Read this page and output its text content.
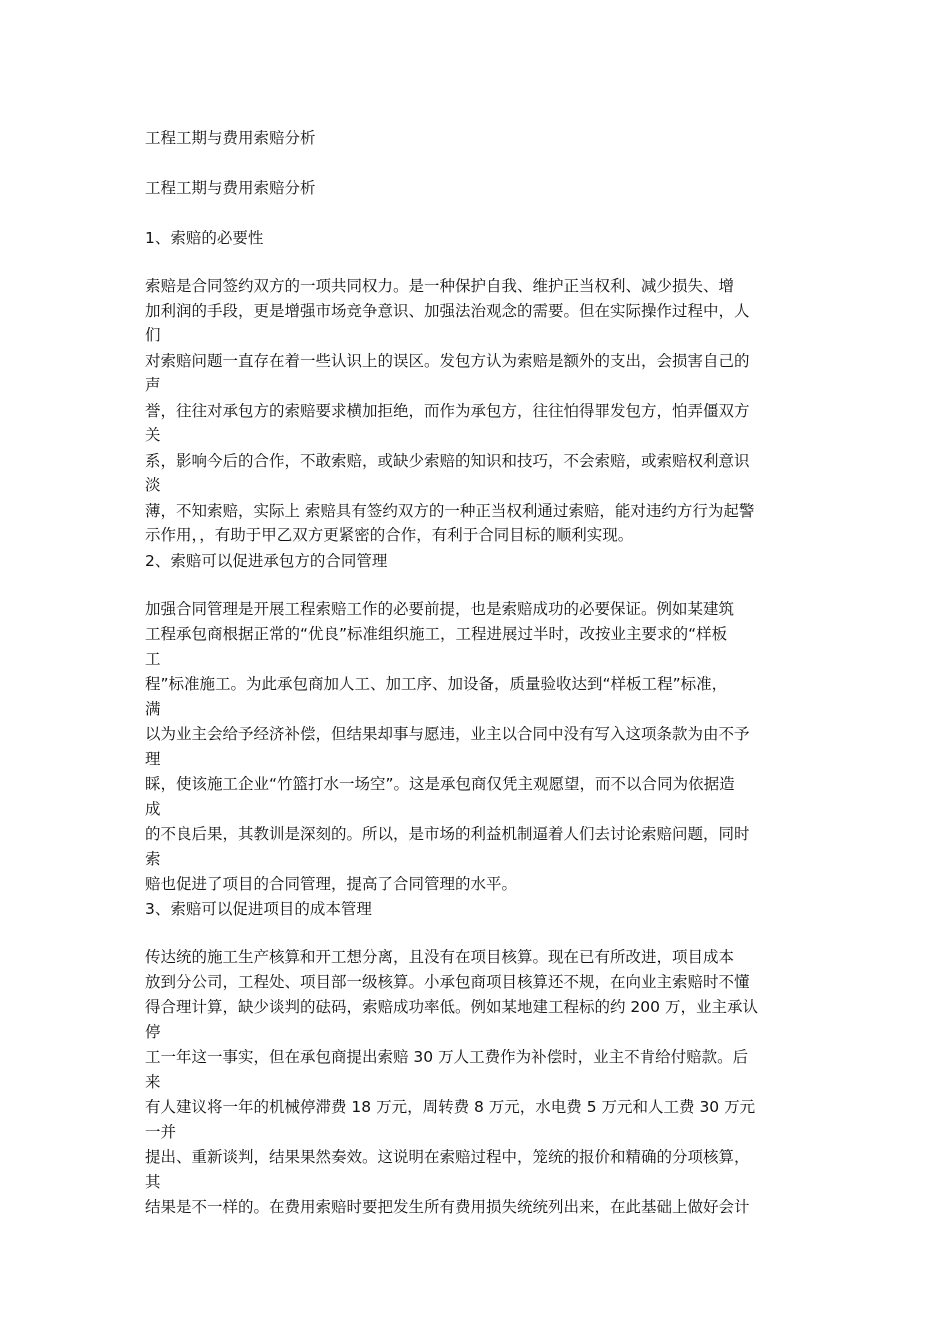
工程工期与费用索赔分析

工程工期与费用索赔分析

1、索赔的必要性

索赔是合同签约双方的一项共同权力。是一种保护自我、维护正当权利、减少损失、增

加利润的手段，更是增强市场竞争意识、加强法治观念的需要。但在实际操作过程中，人

们

对索赔问题一直存在着一些认识上的误区。发包方认为索赔是额外的支出，会损害自己的

声

誉，往往对承包方的索赔要求横加拒绝，而作为承包方，往往怕得罪发包方，怕弄僵双方

关

系，影响今后的合作，不敢索赔，或缺少索赔的知识和技巧，不会索赔，或索赔权利意识

淡

薄，不知索赔，实际上 索赔具有签约双方的一种正当权利通过索赔，能对违约方行为起警

示作用，，有助于甲乙双方更紧密的合作，有利于合同目标的顺利实现。

2、索赔可以促进承包方的合同管理

加强合同管理是开展工程索赔工作的必要前提，也是索赔成功的必要保证。例如某建筑

工程承包商根据正常的“优良”标准组织施工，工程进展过半时，改按业主要求的“样板

工

程”标准施工。为此承包商加人工、加工序、加设备，质量验收达到“样板工程”标准，

满

以为业主会给予经济补偿，但结果却事与愿违，业主以合同中没有写入这项条款为由不予

理

睬，使该施工企业“竹篮打水一场空”。这是承包商仅凭主观愿望，而不以合同为依据造

成

的不良后果，其教训是深刻的。所以，是市场的利益机制逼着人们去讨论索赔问题，同时

索

赔也促进了项目的合同管理，提高了合同管理的水平。

3、索赔可以促进项目的成本管理

传达统的施工生产核算和开工想分离，且没有在项目核算。现在已有所改进，项目成本

放到分公司，工程处、项目部一级核算。小承包商项目核算还不规，在向业主索赔时不懂

得合理计算，缺少谈判的砝码，索赔成功率低。例如某地建工程标的约 200 万，业主承认

停

工一年这一事实，但在承包商提出索赔 30 万人工费作为补偿时，业主不肯给付赔款。后

来

有人建议将一年的机械停滞费 18 万元，周转费 8 万元，水电费 5 万元和人工费 30 万元

一并

提出、重新谈判，结果果然奏效。这说明在索赔过程中，笼统的报价和精确的分项核算，

其

结果是不一样的。在费用索赔时要把发生所有费用损失统统列出来，在此基础上做好会计
